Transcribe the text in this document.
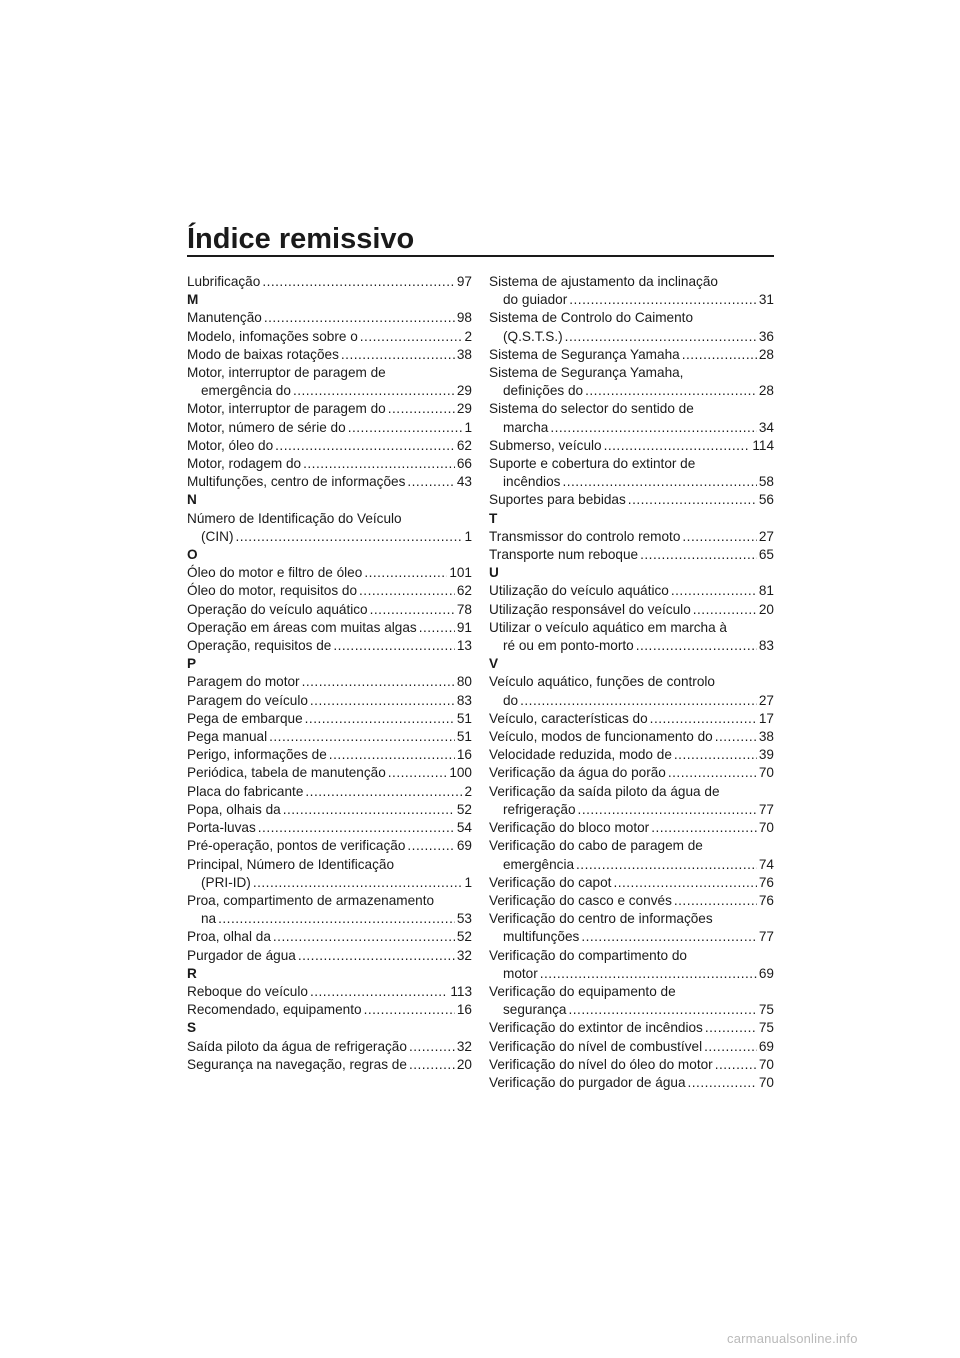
Índice remissivo
Lubrificação .....	97
M
Manutenção .....	98
Modelo, infomações sobre o .....	2
Modo de baixas rotações .....	38
Motor, interruptor de paragem de
emergência do .....	29
Motor, interruptor de paragem do .....	29
Motor, número de série do .....	1
Motor, óleo do .....	62
Motor, rodagem do .....	66
Multifunções, centro de informações .....	43
N
Número de Identificação do Veículo
(CIN) .....	1
O
Óleo do motor e filtro de óleo .....	101
Óleo do motor, requisitos do .....	62
Operação do veículo aquático .....	78
Operação em áreas com muitas algas .....	91
Operação, requisitos de .....	13
P
Paragem do motor .....	80
Paragem do veículo .....	83
Pega de embarque .....	51
Pega manual .....	51
Perigo, informações de .....	16
Periódica, tabela de manutenção .....	100
Placa do fabricante .....	2
Popa, olhais da .....	52
Porta-luvas .....	54
Pré-operação, pontos de verificação .....	69
Principal, Número de Identificação
(PRI-ID) .....	1
Proa, compartimento de armazenamento
na .....	53
Proa, olhal da .....	52
Purgador de água .....	32
R
Reboque do veículo .....	113
Recomendado, equipamento .....	16
S
Saída piloto da água de refrigeração .....	32
Segurança na navegação, regras de .....	20
Sistema de ajustamento da inclinação
do guiador .....	31
Sistema de Controlo do Caimento
(Q.S.T.S.) .....	36
Sistema de Segurança Yamaha .....	28
Sistema de Segurança Yamaha,
definições do .....	28
Sistema do selector do sentido de
marcha .....	34
Submerso, veículo .....	114
Suporte e cobertura do extintor de
incêndios .....	58
Suportes para bebidas .....	56
T
Transmissor do controlo remoto .....	27
Transporte num reboque .....	65
U
Utilização do veículo aquático .....	81
Utilização responsável do veículo .....	20
Utilizar o veículo aquático em marcha à
ré ou em ponto-morto .....	83
V
Veículo aquático, funções de controlo
do .....	27
Veículo, características do .....	17
Veículo, modos de funcionamento do .....	38
Velocidade reduzida, modo de .....	39
Verificação da água do porão .....	70
Verificação da saída piloto da água de
refrigeração .....	77
Verificação do bloco motor .....	70
Verificação do cabo de paragem de
emergência .....	74
Verificação do capot .....	76
Verificação do casco e convés .....	76
Verificação do centro de informações
multifunções .....	77
Verificação do compartimento do
motor .....	69
Verificação do equipamento de
segurança .....	75
Verificação do extintor de incêndios .....	75
Verificação do nível de combustível .....	69
Verificação do nível do óleo do motor .....	70
Verificação do purgador de água .....	70
carmanualsonline.info
